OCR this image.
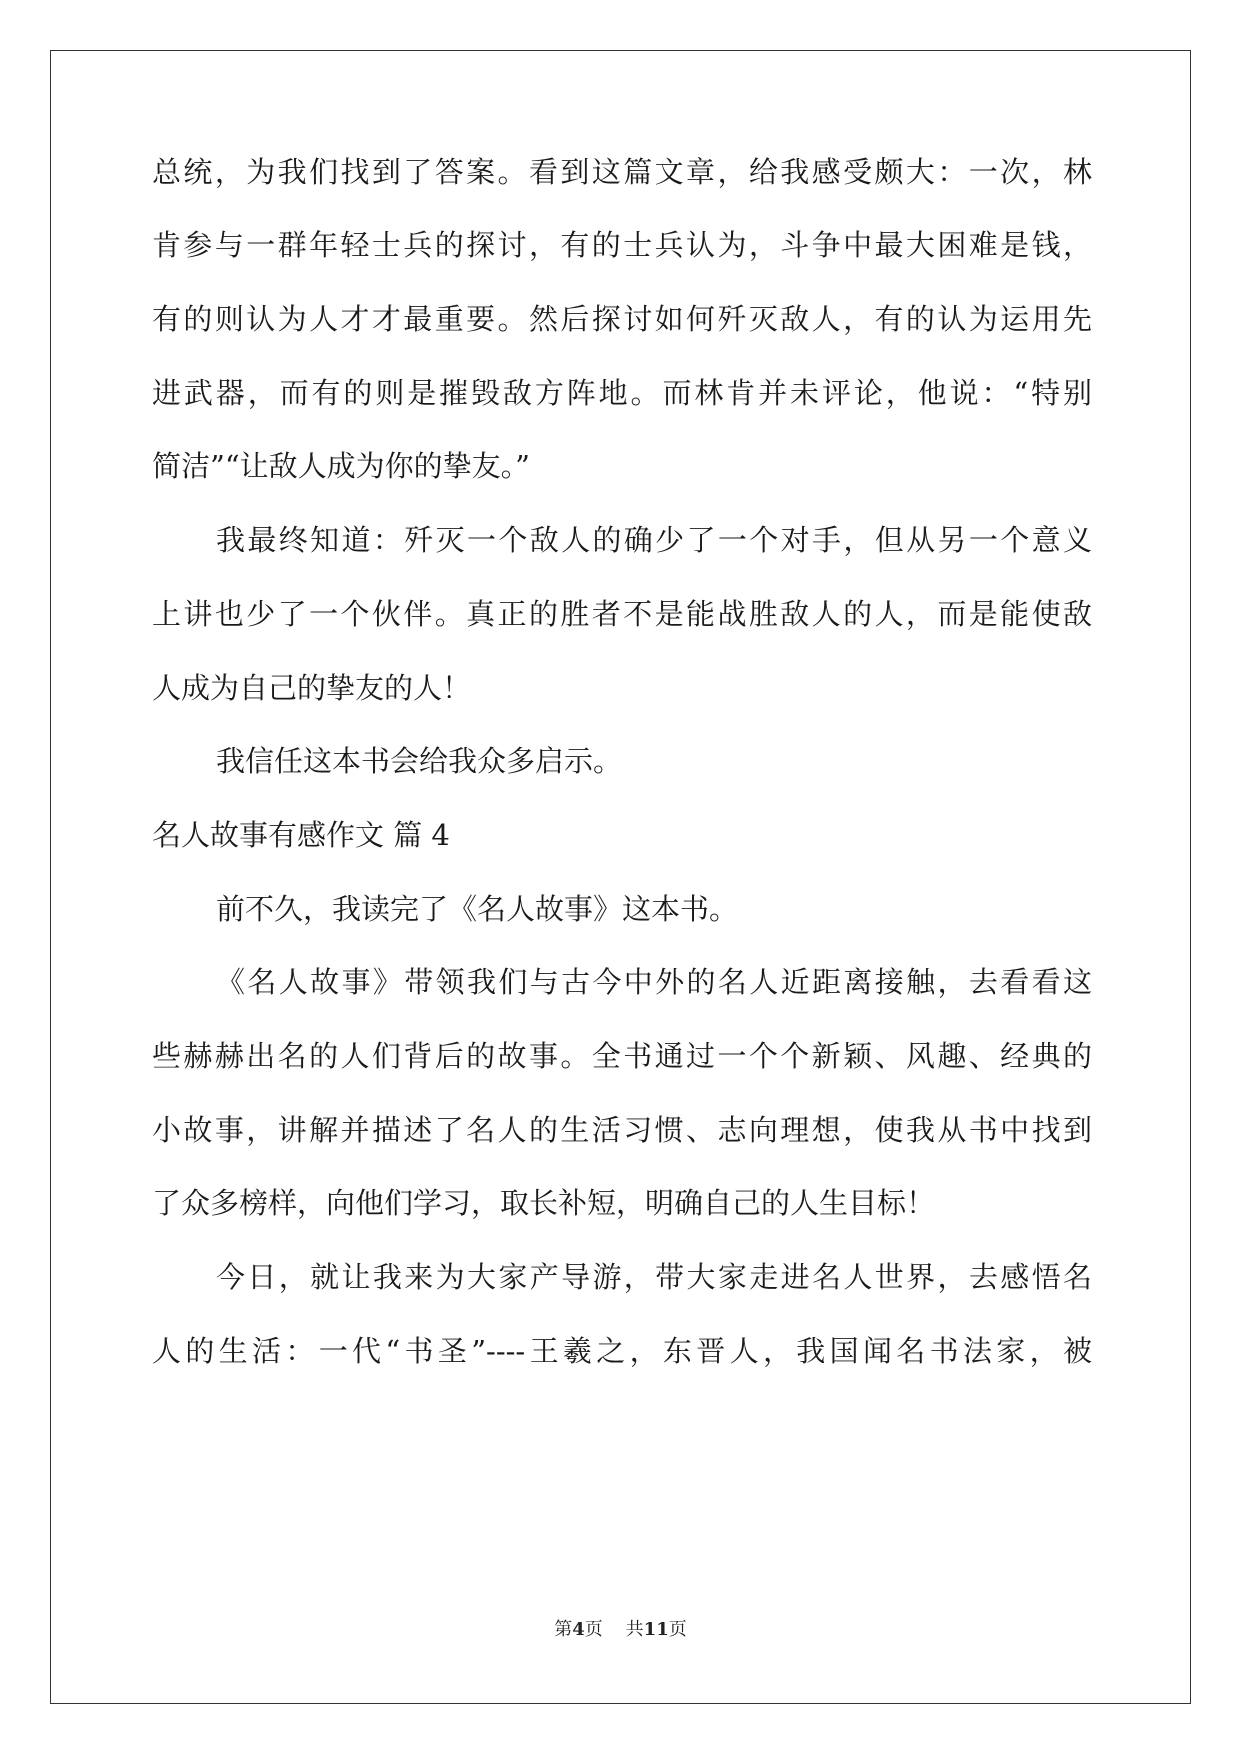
总统，为我们找到了答案。看到这篇文章，给我感受颇大：一次，林
肯参与一群年轻士兵的探讨，有的士兵认为，斗争中最大困难是钱，
有的则认为人才才最重要。然后探讨如何歼灭敌人，有的认为运用先
进武器，而有的则是摧毁敌方阵地。而林肯并未评论，他说：“特别
简洁”“让敌人成为你的挚友。”
我最终知道：歼灭一个敌人的确少了一个对手，但从另一个意义
上讲也少了一个伙伴。真正的胜者不是能战胜敌人的人，而是能使敌
人成为自己的挚友的人！
我信任这本书会给我众多启示。
名人故事有感作文 篇 4
前不久，我读完了《名人故事》这本书。
《名人故事》带领我们与古今中外的名人近距离接触，去看看这
些赫赫出名的人们背后的故事。全书通过一个个新颖、风趣、经典的
小故事，讲解并描述了名人的生活习惯、志向理想，使我从书中找到
了众多榜样，向他们学习，取长补短，明确自己的人生目标！
今日，就让我来为大家产导游，带大家走进名人世界，去感悟名
人的生活：一代“书圣”----王羲之，东晋人，我国闻名书法家，被
第4页 共11页
